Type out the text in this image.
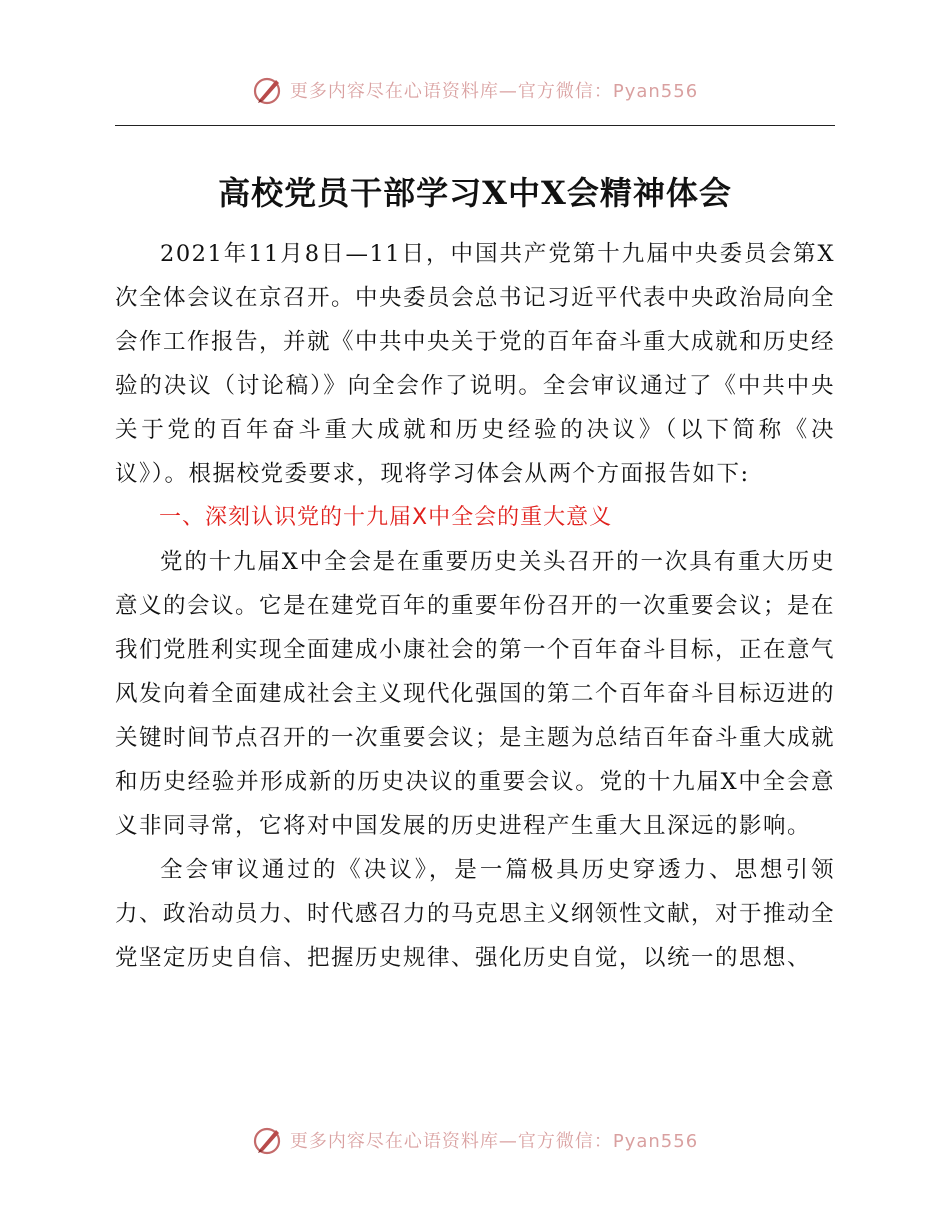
更多内容尽在心语资料库—官方微信：Pyan556
高校党员干部学习X中X会精神体会

2021年11月8日—11日，中国共产党第十九届中央委员会第X次全体会议在京召开。中央委员会总书记习近平代表中央政治局向全会作工作报告，并就《中共中央关于党的百年奋斗重大成就和历史经验的决议（讨论稿）》向全会作了说明。全会审议通过了《中共中央关于党的百年奋斗重大成就和历史经验的决议》（以下简称《决议》）。根据校党委要求，现将学习体会从两个方面报告如下:

一、深刻认识党的十九届X中全会的重大意义

党的十九届X中全会是在重要历史关头召开的一次具有重大历史意义的会议。它是在建党百年的重要年份召开的一次重要会议；是在我们党胜利实现全面建成小康社会的第一个百年奋斗目标，正在意气风发向着全面建成社会主义现代化强国的第二个百年奋斗目标迈进的关键时间节点召开的一次重要会议；是主题为总结百年奋斗重大成就和历史经验并形成新的历史决议的重要会议。党的十九届X中全会意义非同寻常，它将对中国发展的历史进程产生重大且深远的影响。

全会审议通过的《决议》，是一篇极具历史穿透力、思想引领力、政治动员力、时代感召力的马克思主义纲领性文献，对于推动全党坚定历史自信、把握历史规律、强化历史自觉，以统一的思想、

更多内容尽在心语资料库—官方微信：Pyan556
